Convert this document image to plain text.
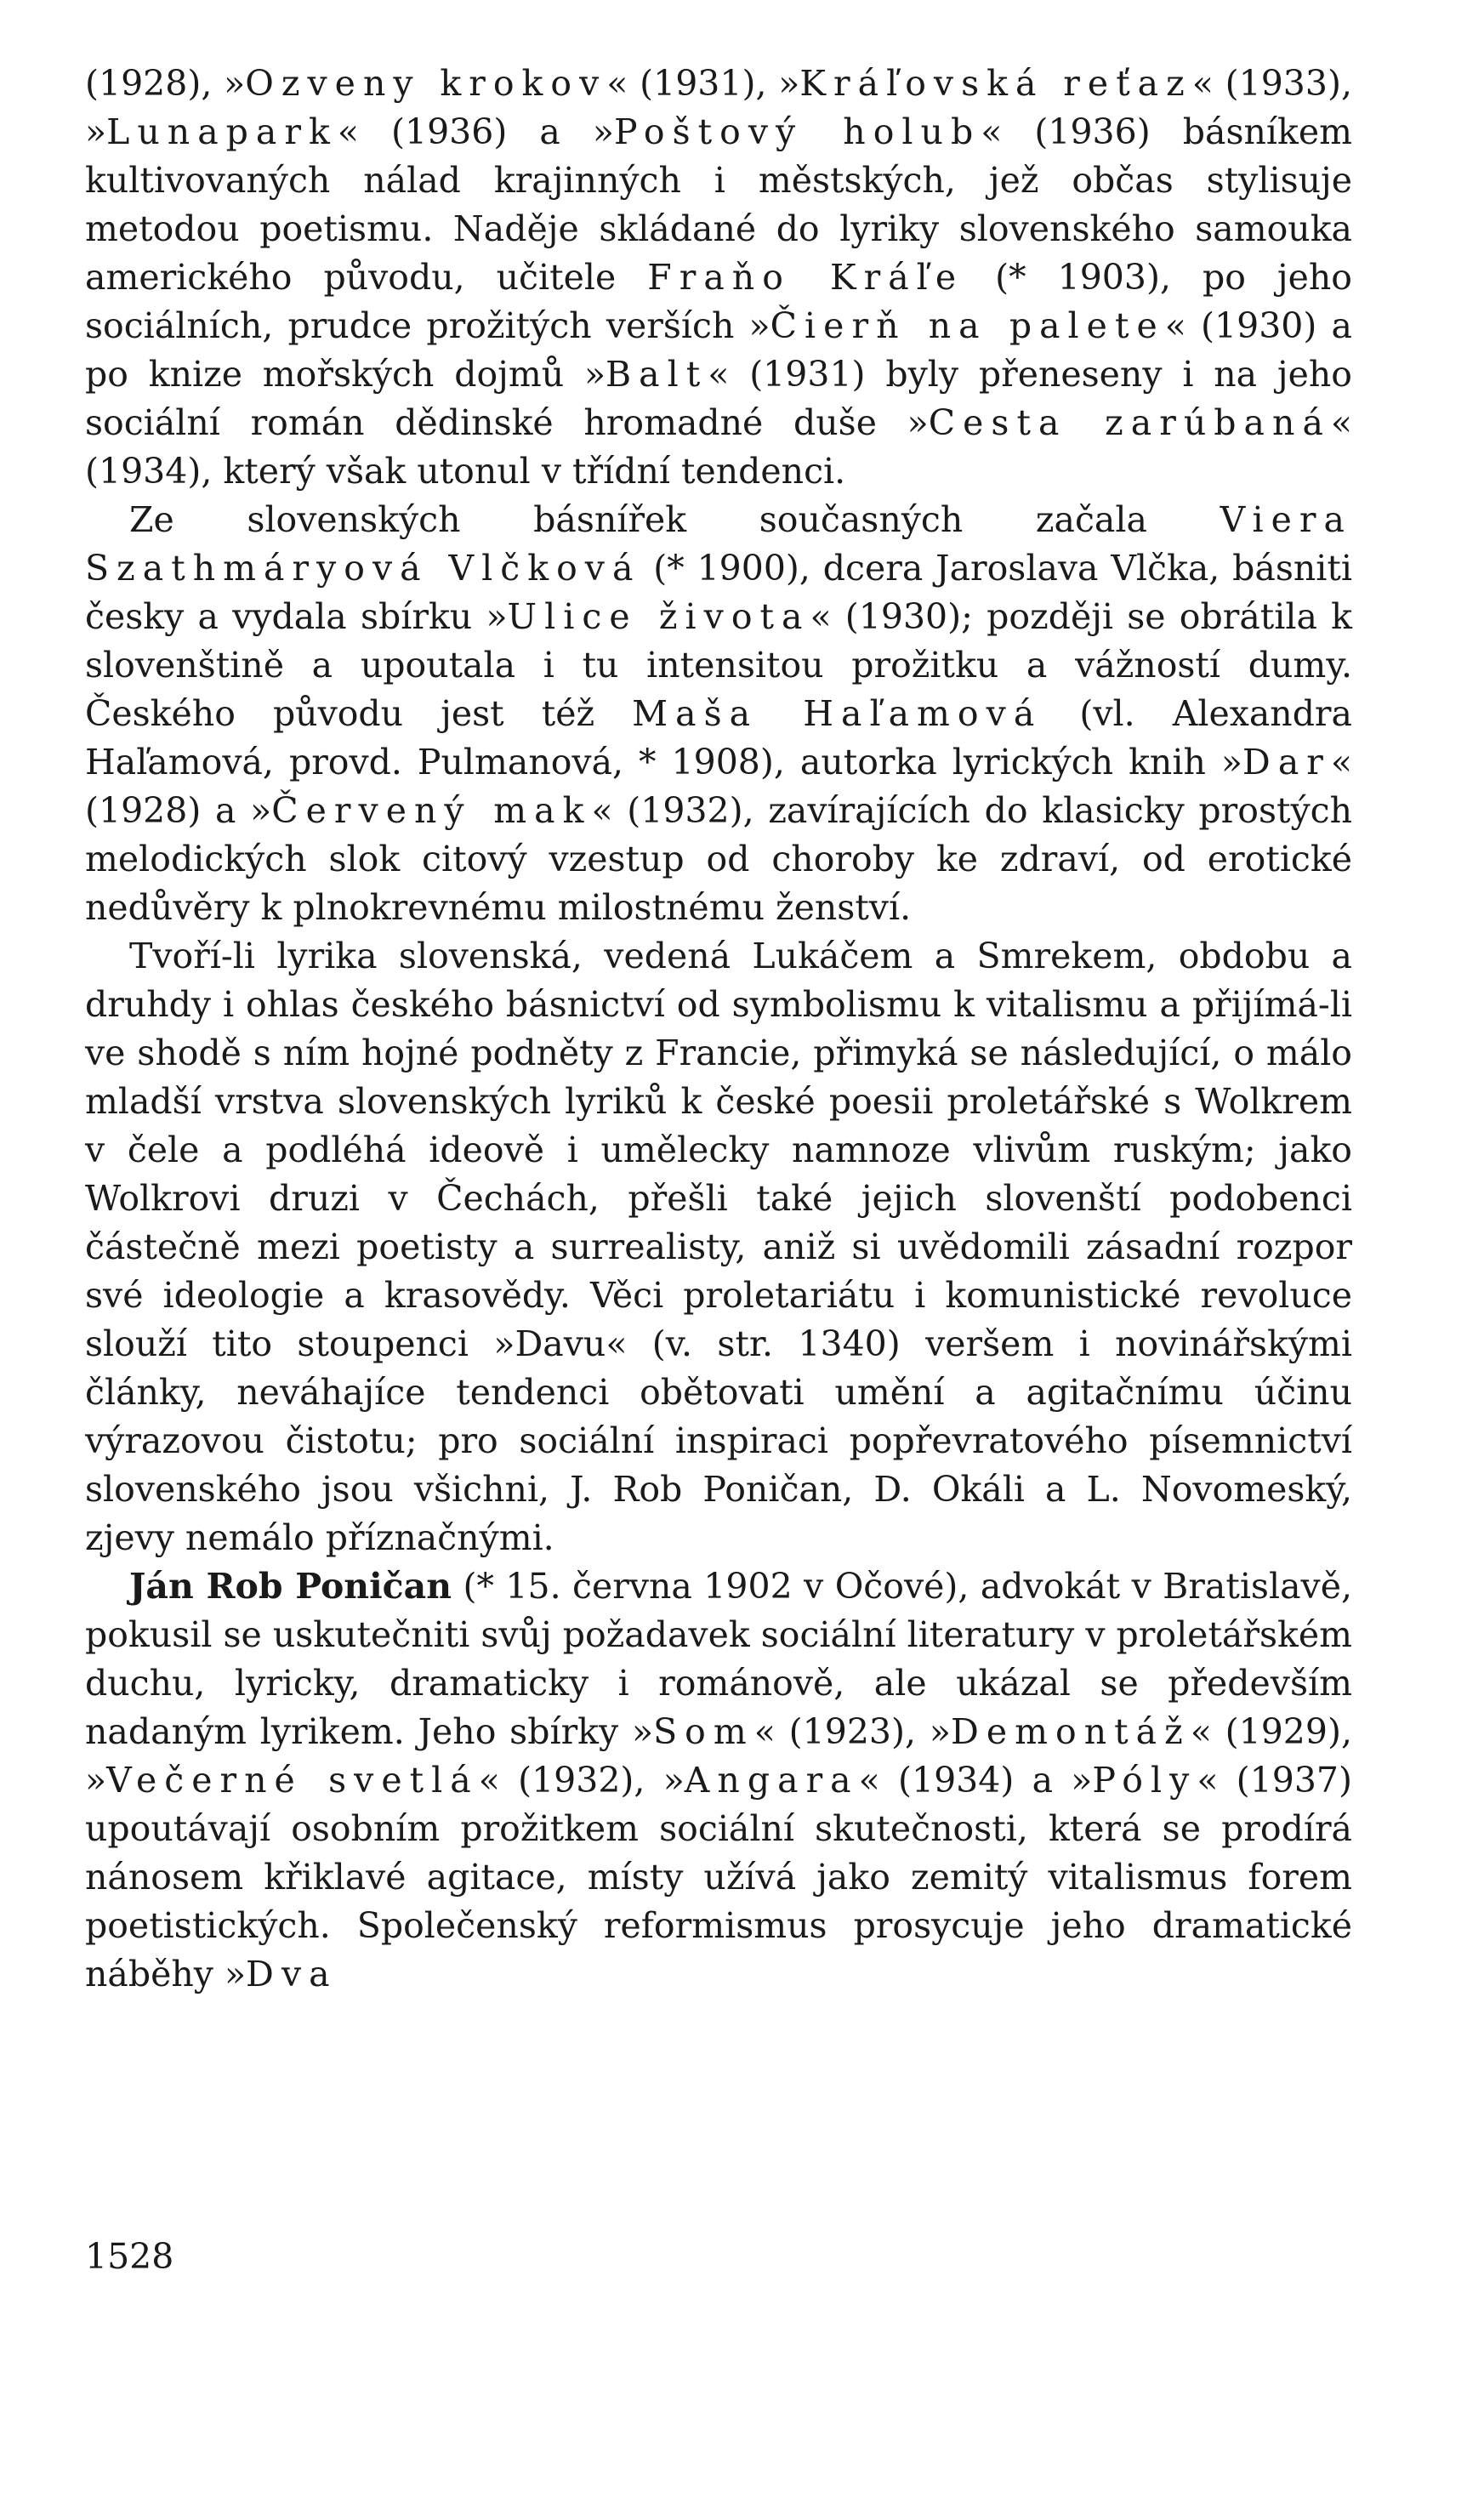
(1928), »Ozveny krokov« (1931), »Kráľovská reťaz« (1933), »Lunapark« (1936) a »Poštový holub« (1936) básníkem kultivovaných nálad krajinných i městských, jež občas stylisuje metodou poetismu. Naděje skládané do lyriky slovenského samouka amerického původu, učitele Fraňo Kráľe (* 1903), po jeho sociálních, prudce prožitých verších »Čierň na palete« (1930) a po knize mořských dojmů »Balt« (1931) byly přeneseny i na jeho sociální román dědinské hromadné duše »Cesta zarúbaná« (1934), který však utonul v třídní tendenci.

Ze slovenských básnířek současných začala Viera Szathmáryová Vlčková (* 1900), dcera Jaroslava Vlčka, básniti česky a vydala sbírku »Ulice života« (1930); později se obrátila k slovenštině a upoutala i tu intensitou prožitku a vážností dumy. Českého původu jest též Maša Haľamová (vl. Alexandra Haľamová, provd. Pulmanová, * 1908), autorka lyrických knih »Dar« (1928) a »Červený mak« (1932), zavírajících do klasicky prostých melodických slok citový vzestup od choroby ke zdraví, od erotické nedůvěry k plnokrevnému milostnému ženství.

Tvoří-li lyrika slovenská, vedená Lukáčem a Smrekem, obdobu a druhdy i ohlas českého básnictví od symbolismu k vitalismu a přijímá-li ve shodě s ním hojné podněty z Francie, přimyká se následující, o málo mladší vrstva slovenských lyriků k české poesii proletářské s Wolkrem v čele a podléhá ideově i umělecky namnoze vlivům ruským; jako Wolkrovi druzi v Čechách, přešli také jejich slovenští podobenci částečně mezi poetisty a surrealisty, aniž si uvědomili zásadní rozpor své ideologie a krasovědy. Věci proletariátu i komunistické revoluce slouží tito stoupenci »Davu« (v. str. 1340) veršem i novinářskými články, neváhajíce tendenci obětovati umění a agitačnímu účinu výrazovou čistotu; pro sociální inspiraci popřevratového písemnictví slovenského jsou všichni, J. Rob Poničan, D. Okáli a L. Novomeský, zjevy nemálo příznačnými.

Ján Rob Poničan (* 15. června 1902 v Očové), advokát v Bratislavě, pokusil se uskutečniti svůj požadavek sociální literatury v proletářském duchu, lyricky, dramaticky i románově, ale ukázal se především nadaným lyrikem. Jeho sbírky »Som« (1923), »Demontáž« (1929), »Večerné svetlá« (1932), »Angara« (1934) a »Póly« (1937) upoutávají osobním prožitkem sociální skutečnosti, která se prodírá nánosem křiklavé agitace, místy užívá jako zemitý vitalismus forem poetistických. Společenský reformismus prosycuje jeho dramatické náběhy »Dva

1528
